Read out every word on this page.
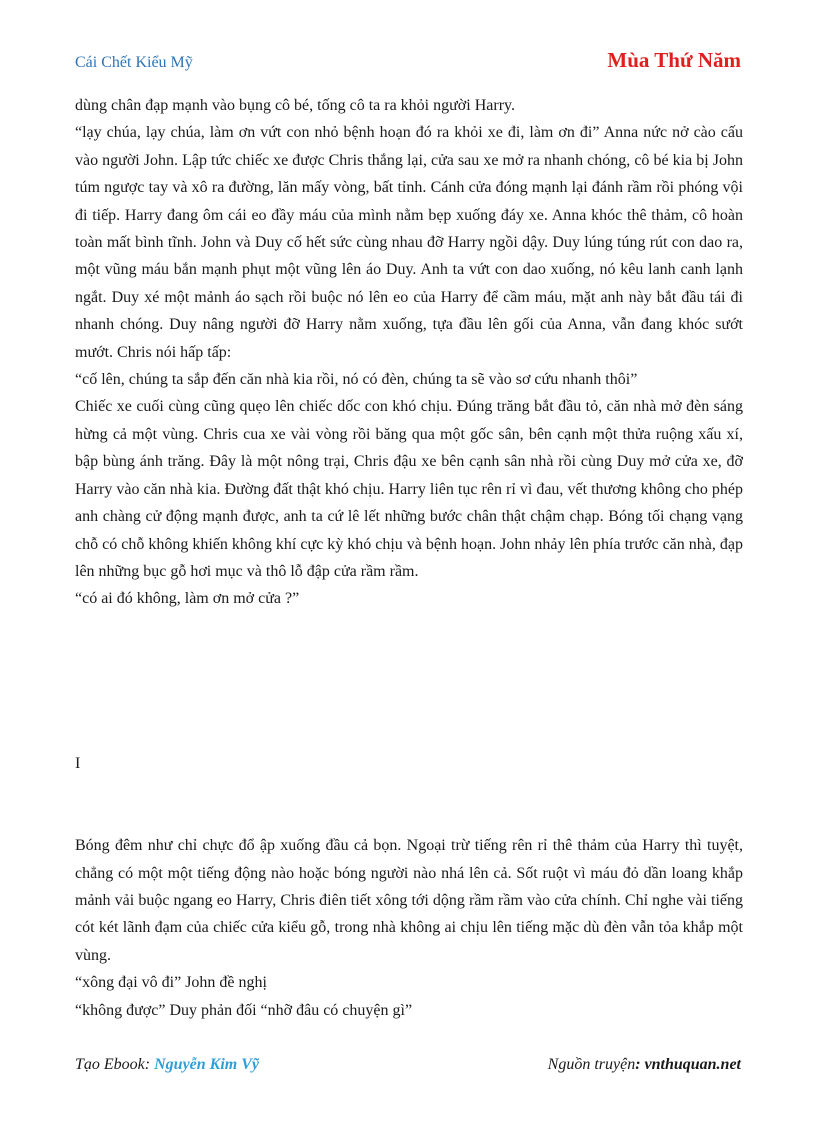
Cái Chết Kiểu Mỹ	Mùa Thứ Năm

dùng chân đạp mạnh vào bụng cô bé, tống cô ta ra khỏi người Harry.

“lạy chúa, lạy chúa, làm ơn vứt con nhỏ bệnh hoạn đó ra khỏi xe đi, làm ơn đi” Anna nức nở cào cấu vào người John. Lập tức chiếc xe được Chris thắng lại, cửa sau xe mở ra nhanh chóng, cô bé kia bị John túm ngược tay và xô ra đường, lăn mấy vòng, bất tỉnh. Cánh cửa đóng mạnh lại đánh rầm rồi phóng vội đi tiếp. Harry đang ôm cái eo đầy máu của mình nằm bẹp xuống đáy xe. Anna khóc thê thảm, cô hoàn toàn mất bình tĩnh. John và Duy cố hết sức cùng nhau đỡ Harry ngồi dậy. Duy lúng túng rút con dao ra, một vũng máu bắn mạnh phụt một vũng lên áo Duy. Anh ta vứt con dao xuống, nó kêu lanh canh lạnh ngắt. Duy xé một mảnh áo sạch rồi buộc nó lên eo của Harry để cầm máu, mặt anh này bắt đầu tái đi nhanh chóng. Duy nâng người đỡ Harry nằm xuống, tựa đầu lên gối của Anna, vẫn đang khóc sướt mướt. Chris nói hấp tấp:

“cố lên, chúng ta sắp đến căn nhà kia rồi, nó có đèn, chúng ta sẽ vào sơ cứu nhanh thôi”

Chiếc xe cuối cùng cũng quẹo lên chiếc dốc con khó chịu. Đúng trăng bắt đầu tỏ, căn nhà mở đèn sáng hừng cả một vùng. Chris cua xe vài vòng rồi băng qua một gốc sân, bên cạnh một thửa ruộng xấu xí, bập bùng ánh trăng. Đây là một nông trại, Chris đậu xe bên cạnh sân nhà rồi cùng Duy mở cửa xe, đỡ Harry vào căn nhà kia. Đường đất thật khó chịu. Harry liên tục rên rỉ vì đau, vết thương không cho phép anh chàng cử động mạnh được, anh ta cứ lê lết những bước chân thật chậm chạp. Bóng tối chạng vạng chỗ có chỗ không khiến không khí cực kỳ khó chịu và bệnh hoạn. John nhảy lên phía trước căn nhà, đạp lên những bục gỗ hơi mục và thô lỗ đập cửa rầm rầm.

“có ai đó không, làm ơn mở cửa ?”

I

Bóng đêm như chỉ chực đổ ập xuống đầu cả bọn. Ngoại trừ tiếng rên rỉ thê thảm của Harry thì tuyệt, chẳng có một một tiếng động nào hoặc bóng người nào nhá lên cả. Sốt ruột vì máu đỏ dần loang khắp mảnh vải buộc ngang eo Harry, Chris điên tiết xông tới dộng rầm rầm vào cửa chính. Chỉ nghe vài tiếng cót két lãnh đạm của chiếc cửa kiểu gỗ, trong nhà không ai chịu lên tiếng mặc dù đèn vẫn tỏa khắp một vùng.

“xông đại vô đi” John đề nghị

“không được” Duy phản đối “nhỡ đâu có chuyện gì”

Tạo Ebook: Nguyễn Kim Vỹ	Nguồn truyện: vnthuquan.net
